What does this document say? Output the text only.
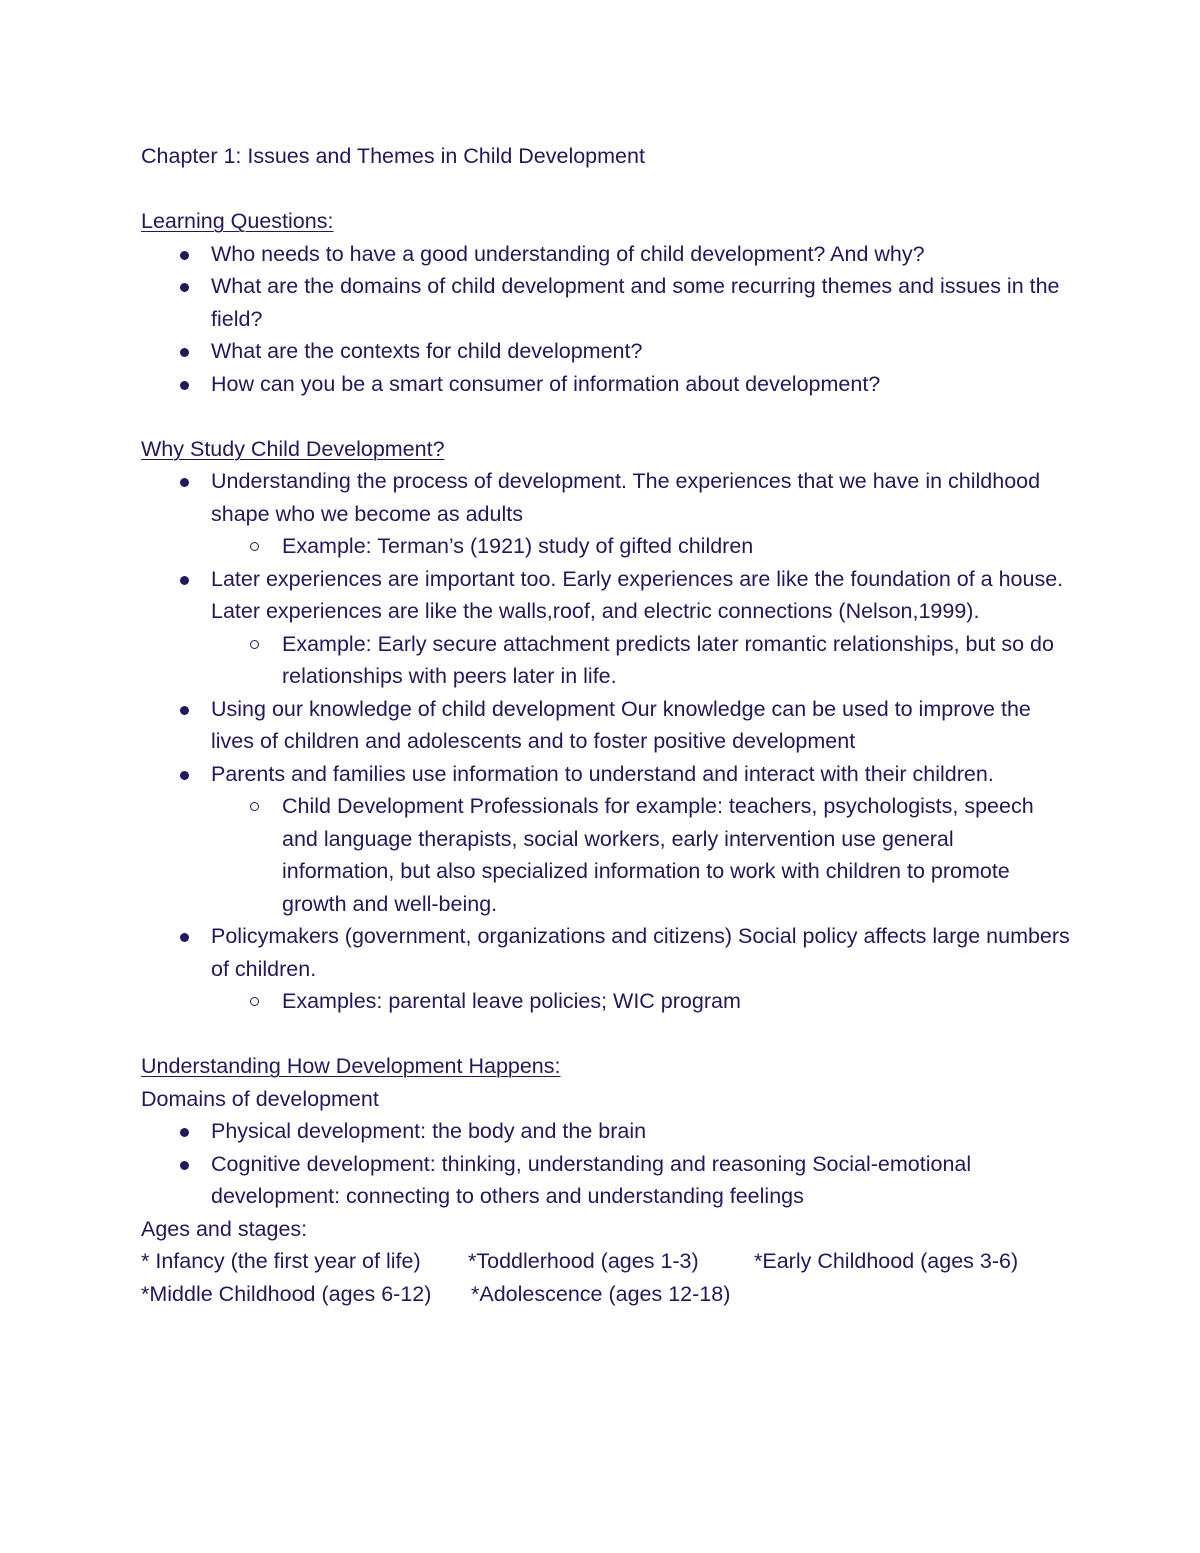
Chapter 1: Issues and Themes in Child Development

Learning Questions:

Who needs to have a good understanding of child development? And why?
What are the domains of child development and some recurring themes and issues in the field?
What are the contexts for child development?
How can you be a smart consumer of information about development?

Why Study Child Development?

Understanding the process of development. The experiences that we have in childhood shape who we become as adults
Example: Terman’s (1921) study of gifted children
Later experiences are important too. Early experiences are like the foundation of a house. Later experiences are like the walls,roof, and electric connections (Nelson,1999).
Example: Early secure attachment predicts later romantic relationships, but so do relationships with peers later in life.
Using our knowledge of child development Our knowledge can be used to improve the lives of children and adolescents and to foster positive development
Parents and families use information to understand and interact with their children.
Child Development Professionals for example: teachers, psychologists, speech and language therapists, social workers, early intervention use general information, but also specialized information to work with children to promote growth and well-being.
Policymakers (government, organizations and citizens) Social policy affects large numbers of children.
Examples: parental leave policies; WIC program

Understanding How Development Happens:

Domains of development

Physical development: the body and the brain
Cognitive development: thinking, understanding and reasoning Social-emotional development: connecting to others and understanding feelings

Ages and stages:

* Infancy (the first year of life) *Toddlerhood (ages 1-3)	*Early Childhood (ages 3-6)

*Middle Childhood (ages 6-12) *Adolescence (ages 12-18)
